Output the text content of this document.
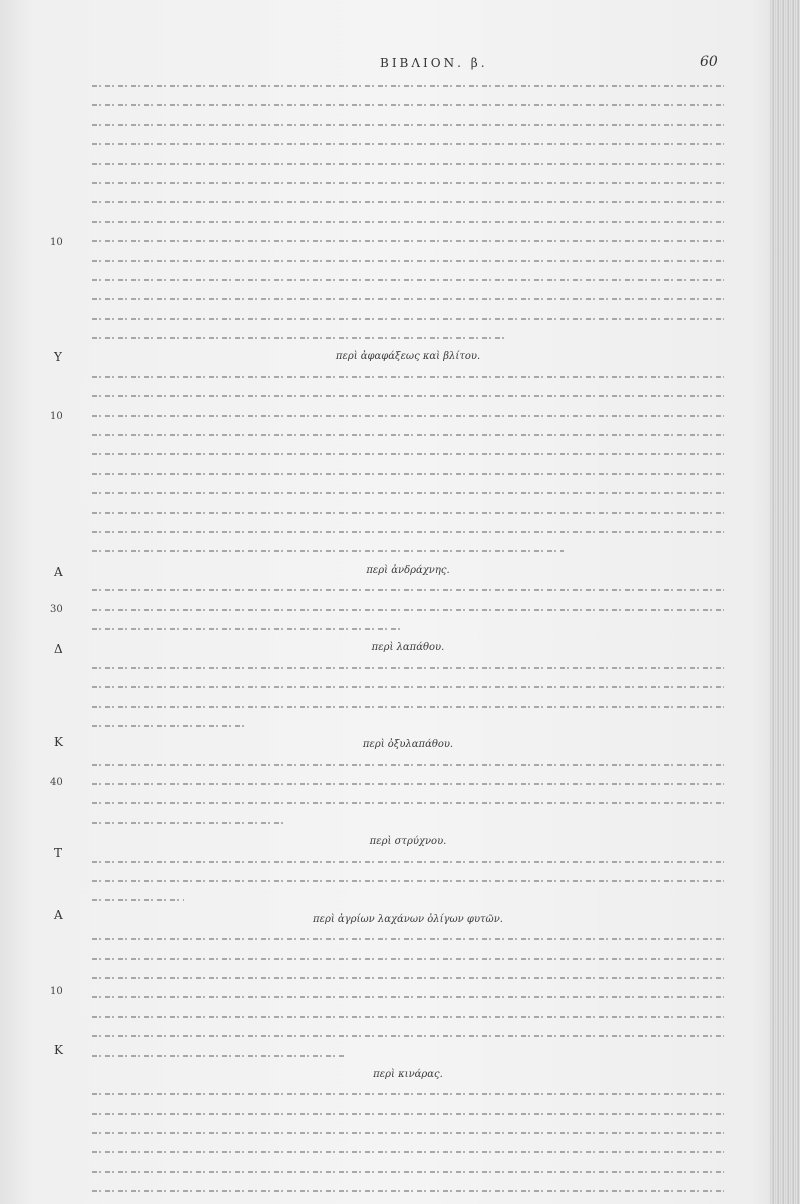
ΒΙΒΛΙΟΝ. β.	60
περὶ ἀφαφάξεως καὶ βλίτου.
περὶ ἀνδράχνης.
περὶ λαπάθου.
περὶ ὀξυλαπάθου.
περὶ στρύχνου.
περὶ ἀγρίων λαχάνων ὀλίγων φυτῶν.
περὶ κινάρας.
Υ
Α
Δ
Κ
Τ
Α
Κ
10
10
30
40
10
